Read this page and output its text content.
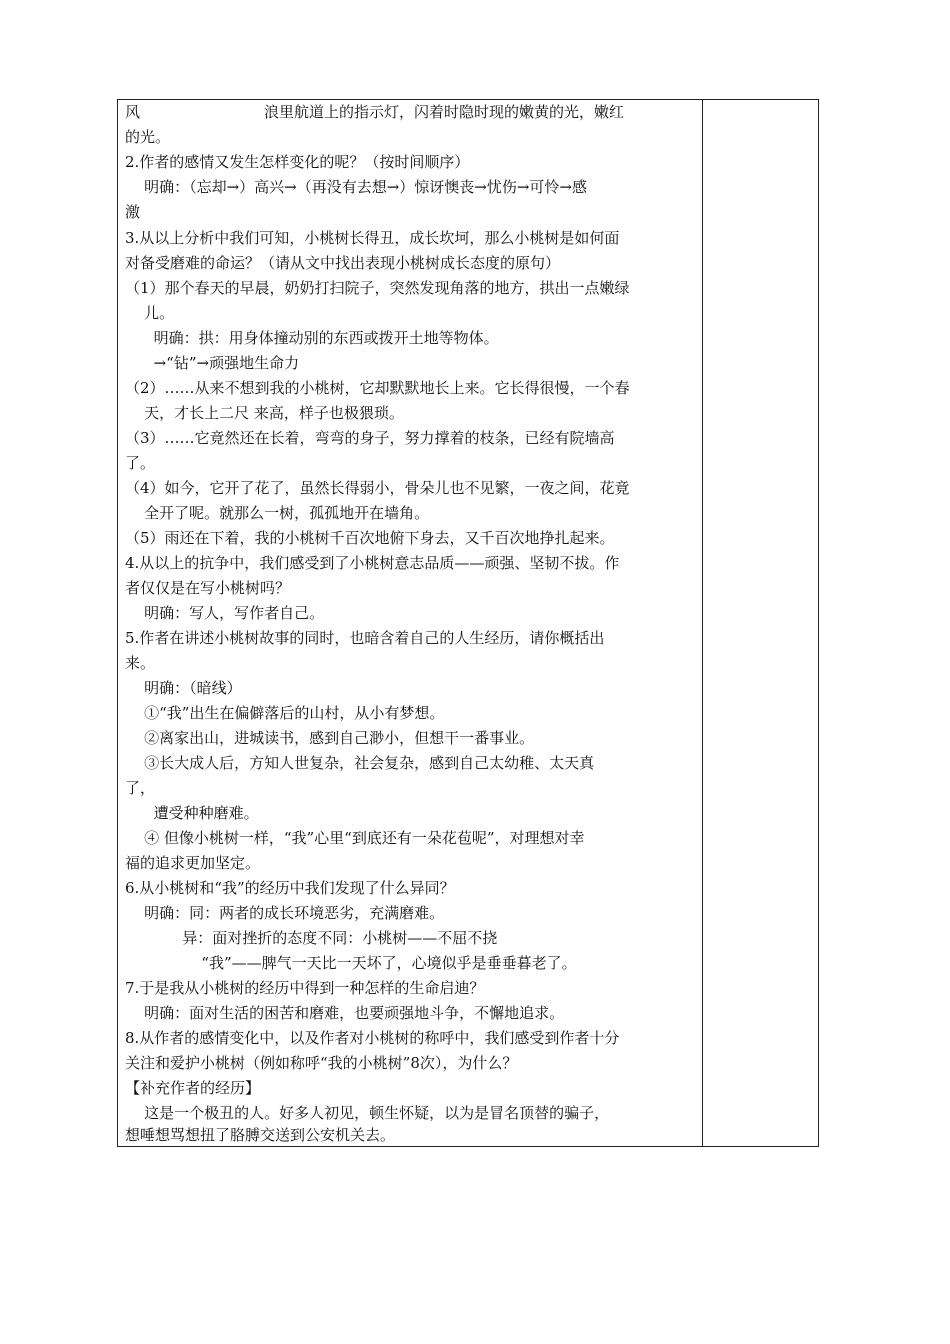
风                          浪里航道上的指示灯，闪着时隐时现的嫩黄的光，嫩红
的光。
2.作者的感情又发生怎样变化的呢？（按时间顺序）
明确：（忘却→）高兴→（再没有去想→）惊讶懊丧→忧伤→可怜→感
激
3.从以上分析中我们可知，小桃树长得丑，成长坎坷，那么小桃树是如何面
对备受磨难的命运？（请从文中找出表现小桃树成长态度的原句）
（1）那个春天的早晨，奶奶打扫院子，突然发现角落的地方，拱出一点嫩绿
儿。
明确：拱：用身体撞动别的东西或拨开土地等物体。
→“钻”→顽强地生命力
（2）……从来不想到我的小桃树，它却默默地长上来。它长得很慢，一个春
天，才长上二尺 来高，样子也极猥琐。
（3）……它竟然还在长着，弯弯的身子，努力撑着的枝条，已经有院墙高
了。
（4）如今，它开了花了，虽然长得弱小，骨朵儿也不见繁，一夜之间，花竟
全开了呢。就那么一树，孤孤地开在墙角。
（5）雨还在下着，我的小桃树千百次地俯下身去，又千百次地挣扎起来。
4.从以上的抗争中，我们感受到了小桃树意志品质——顽强、坚韧不拔。作
者仅仅是在写小桃树吗？
明确：写人，写作者自己。
5.作者在讲述小桃树故事的同时，也暗含着自己的人生经历，请你概括出
来。
明确：（暗线）
①“我”出生在偏僻落后的山村，从小有梦想。
②离家出山，进城读书，感到自己渺小，但想干一番事业。
③长大成人后，方知人世复杂，社会复杂，感到自己太幼稚、太天真
了，
遭受种种磨难。
④ 但像小桃树一样，“我”心里“到底还有一朵花苞呢”，对理想对幸
福的追求更加坚定。
6.从小桃树和“我”的经历中我们发现了什么异同？
明确：同：两者的成长环境恶劣，充满磨难。
异：面对挫折的态度不同：小桃树——不屈不挠
“我”——脾气一天比一天坏了，心境似乎是垂垂暮老了。
7.于是我从小桃树的经历中得到一种怎样的生命启迪？
明确：面对生活的困苦和磨难，也要顽强地斗争，不懈地追求。
8.从作者的感情变化中，以及作者对小桃树的称呼中，我们感受到作者十分
关注和爱护小桃树（例如称呼“我的小桃树”8次），为什么？
【补充作者的经历】
这是一个极丑的人。好多人初见，顿生怀疑，以为是冒名顶替的骗子，
想唾想骂想扭了胳膊交送到公安机关去。
